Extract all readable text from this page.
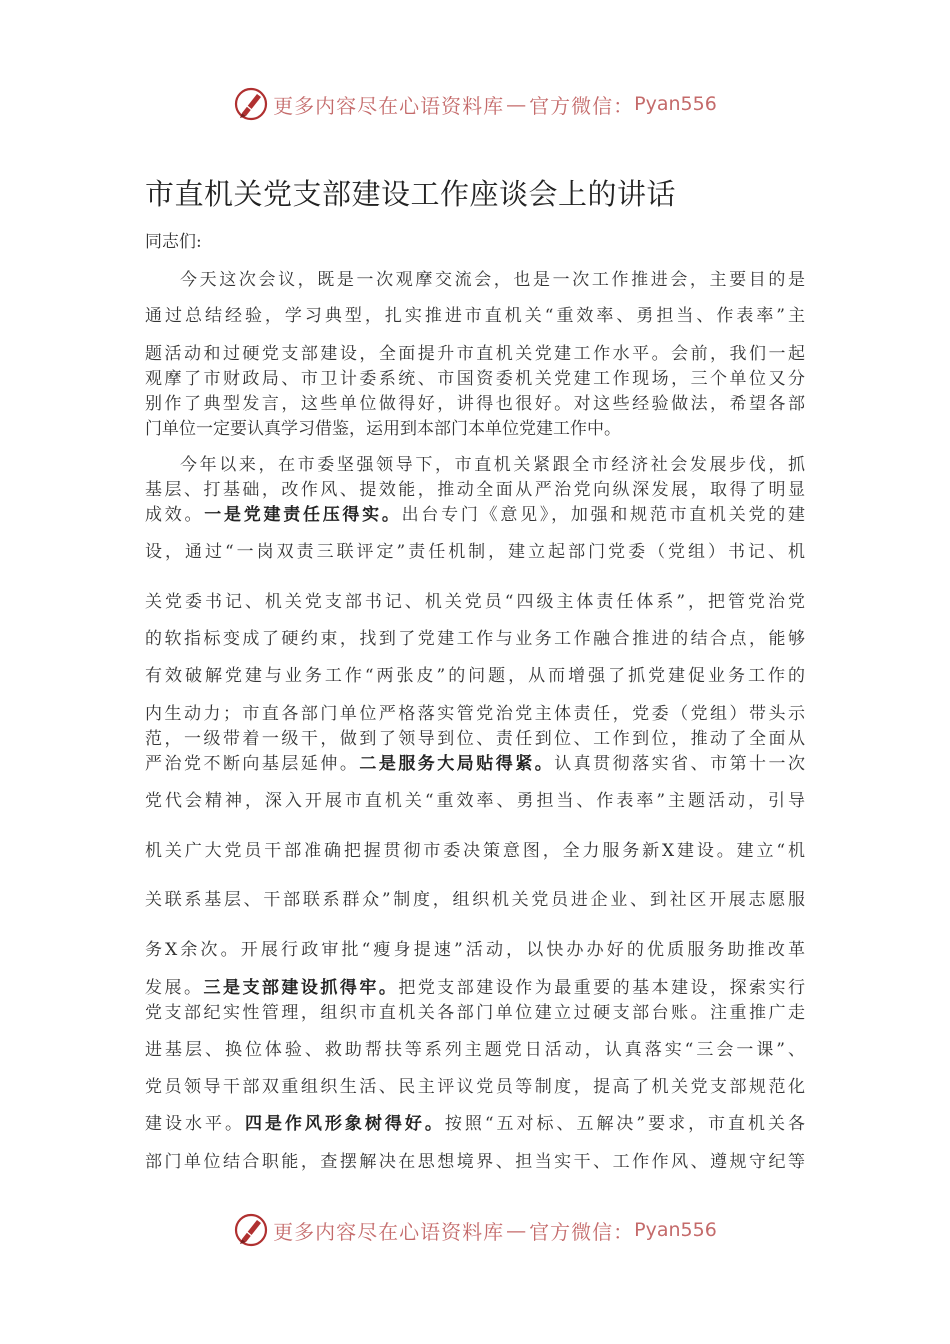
更多内容尽在心语资料库 — 官方微信： Pyan556
市直机关党支部建设工作座谈会上的讲话
同志们:
今天这次会议，既是一次观摩交流会，也是一次工作推进会，主要目的是
通过总结经验，学习典型，扎实推进市直机关“重效率、勇担当、作表率”主
题活动和过硬党支部建设，全面提升市直机关党建工作水平。会前，我们一起
观摩了市财政局、市卫计委系统、市国资委机关党建工作现场，三个单位又分
别作了典型发言，这些单位做得好，讲得也很好。对这些经验做法，希望各部
门单位一定要认真学习借鉴，运用到本部门本单位党建工作中。
今年以来，在市委坚强领导下，市直机关紧跟全市经济社会发展步伐，抓
基层、打基础，改作风、提效能，推动全面从严治党向纵深发展，取得了明显
成效。一是党建责任压得实。出台专门《意见》，加强和规范市直机关党的建
设，通过“一岗双责三联评定”责任机制，建立起部门党委（党组）书记、机
关党委书记、机关党支部书记、机关党员“四级主体责任体系”，把管党治党
的软指标变成了硬约束，找到了党建工作与业务工作融合推进的结合点，能够
有效破解党建与业务工作“两张皮”的问题，从而增强了抓党建促业务工作的
内生动力；市直各部门单位严格落实管党治党主体责任，党委（党组）带头示
范，一级带着一级干，做到了领导到位、责任到位、工作到位，推动了全面从
严治党不断向基层延伸。二是服务大局贴得紧。认真贯彻落实省、市第十一次
党代会精神，深入开展市直机关“重效率、勇担当、作表率”主题活动，引导
机关广大党员干部准确把握贯彻市委决策意图，全力服务新X建设。建立“机
关联系基层、干部联系群众”制度，组织机关党员进企业、到社区开展志愿服
务X余次。开展行政审批“瘦身提速”活动，以快办办好的优质服务助推改革
发展。三是支部建设抓得牢。把党支部建设作为最重要的基本建设，探索实行
党支部纪实性管理，组织市直机关各部门单位建立过硬支部台账。注重推广走
进基层、换位体验、救助帮扶等系列主题党日活动，认真落实“三会一课”、
党员领导干部双重组织生活、民主评议党员等制度，提高了机关党支部规范化
建设水平。四是作风形象树得好。按照“五对标、五解决”要求，市直机关各
部门单位结合职能，查摆解决在思想境界、担当实干、工作作风、遵规守纪等
更多内容尽在心语资料库 — 官方微信： Pyan556
